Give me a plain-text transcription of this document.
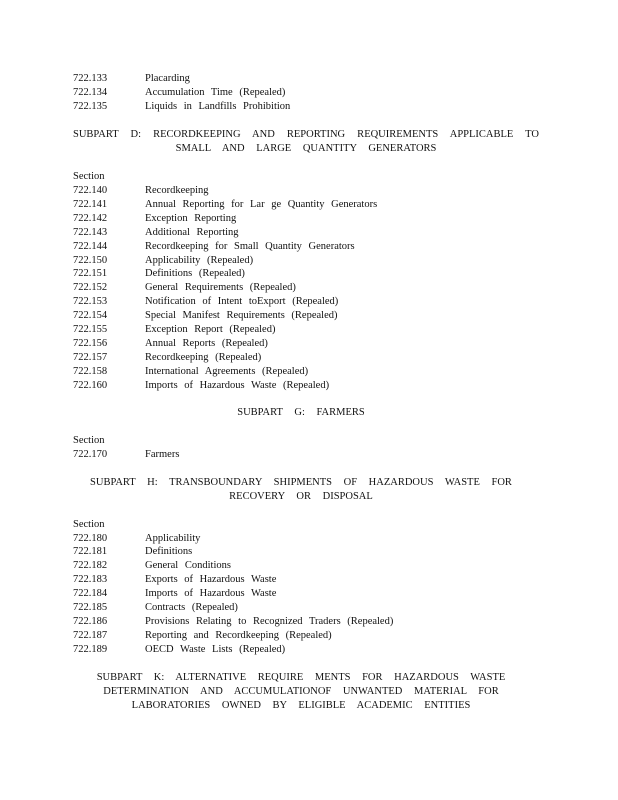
722.133	Placarding
722.134	Accumulation Time (Repealed)
722.135	Liquids in Landfills Prohibition
SUBPART D: RECORDKEEPING AND REPORTING REQUIREMENTS APPLICABLE TO
SMALL AND LARGE QUANTITY GENERATORS
Section
722.140	Recordkeeping
722.141	Annual Reporting for Lar ge Quantity Generators
722.142	Exception Reporting
722.143	Additional Reporting
722.144	Recordkeeping for Small Quantity Generators
722.150	Applicability (Repealed)
722.151	Definitions (Repealed)
722.152	General Requirements (Repealed)
722.153	Notification of Intent toExport (Repealed)
722.154	Special Manifest Requirements (Repealed)
722.155	Exception Report (Repealed)
722.156	Annual Reports (Repealed)
722.157	Recordkeeping (Repealed)
722.158	International Agreements (Repealed)
722.160	Imports of Hazardous Waste (Repealed)
SUBPART G: FARMERS
Section
722.170	Farmers
SUBPART H: TRANSBOUNDARY SHIPMENTS OF HAZARDOUS WASTE FOR
RECOVERY OR DISPOSAL
Section
722.180	Applicability
722.181	Definitions
722.182	General Conditions
722.183	Exports of Hazardous Waste
722.184	Imports of Hazardous Waste
722.185	Contracts (Repealed)
722.186	Provisions Relating to Recognized Traders (Repealed)
722.187	Reporting and Recordkeeping (Repealed)
722.189	OECD Waste Lists (Repealed)
SUBPART K: ALTERNATIVE REQUIRE MENTS FOR HAZARDOUS WASTE
DETERMINATION AND ACCUMULATIONOF UNWANTED MATERIAL FOR
LABORATORIES OWNED BY ELIGIBLE ACADEMIC ENTITIES
